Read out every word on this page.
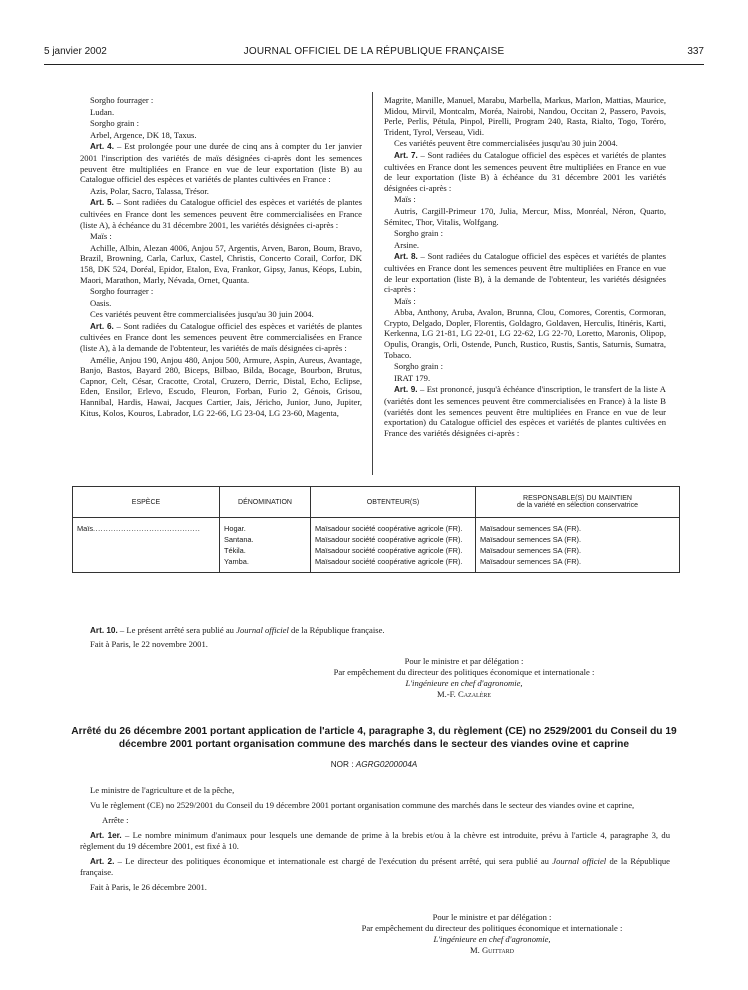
5 janvier 2002	JOURNAL OFFICIEL DE LA RÉPUBLIQUE FRANÇAISE	337

Sorgho fourrager :

Ludan.

Sorgho grain :

Arbel, Argence, DK 18, Taxus.

Art. 4. – Est prolongée pour une durée de cinq ans à compter du 1er janvier 2001 l'inscription des variétés de maïs désignées ci-après dont les semences peuvent être multipliées en France en vue de leur exportation (liste B) au Catalogue officiel des espèces et variétés de plantes cultivées en France :

Azis, Polar, Sacro, Talassa, Trésor.

Art. 5. – Sont radiées du Catalogue officiel des espèces et variétés de plantes cultivées en France dont les semences peuvent être commercialisées en France (liste A), à échéance du 31 décembre 2001, les variétés désignées ci-après :

Maïs :

Achille, Albin, Alezan 4006, Anjou 57, Argentis, Arven, Baron, Boum, Bravo, Brazil, Browning, Carla, Carlux, Castel, Christis, Concerto Corail, Corfor, DK 158, DK 524, Doréal, Epidor, Etalon, Eva, Frankor, Gipsy, Janus, Kéops, Lubin, Maori, Marathon, Marly, Névada, Ornet, Quanta.

Sorgho fourrager :

Oasis.

Ces variétés peuvent être commercialisées jusqu'au 30 juin 2004.

Art. 6. – Sont radiées du Catalogue officiel des espèces et variétés de plantes cultivées en France dont les semences peuvent être commercialisées en France (liste A), à la demande de l'obtenteur, les variétés de maïs désignées ci-après :

Amélie, Anjou 190, Anjou 480, Anjou 500, Armure, Aspin, Aureus, Avantage, Banjo, Bastos, Bayard 280, Biceps, Bilbao, Bilda, Bocage, Bourbon, Brutus, Capnor, Celt, César, Cracotte, Crotal, Cruzero, Derric, Distal, Echo, Eclipse, Eden, Ensilor, Erlevo, Escudo, Fleuron, Forban, Furio 2, Génois, Grisou, Hannibal, Hardis, Hawai, Jacques Cartier, Jais, Jéricho, Junior, Juno, Jupiter, Kitus, Kolos, Kouros, Labrador, LG 22-66, LG 23-04, LG 23-60, Magenta,

Magrite, Manille, Manuel, Marabu, Marbella, Markus, Marlon, Mattias, Maurice, Midou, Mirvil, Montcalm, Moréa, Nairobi, Nandou, Occitan 2, Passero, Pavois, Perle, Perlis, Pétula, Pinpol, Pirelli, Program 240, Rasta, Rialto, Togo, Toréro, Trident, Tyrol, Verseau, Vidi.

Ces variétés peuvent être commercialisées jusqu'au 30 juin 2004.

Art. 7. – Sont radiées du Catalogue officiel des espèces et variétés de plantes cultivées en France dont les semences peuvent être multipliées en France en vue de leur exportation (liste B) à échéance du 31 décembre 2001 les variétés désignées ci-après :

Maïs :

Autris, Cargill-Primeur 170, Julia, Mercur, Miss, Monréal, Néron, Quarto, Sémitec, Thor, Vitalis, Wolfgang.

Sorgho grain :

Arsine.

Art. 8. – Sont radiées du Catalogue officiel des espèces et variétés de plantes cultivées en France dont les semences peuvent être multipliées en France en vue de leur exportation (liste B), à la demande de l'obtenteur, les variétés désignées ci-après :

Maïs :

Abba, Anthony, Aruba, Avalon, Brunna, Clou, Comores, Corentis, Cormoran, Crypto, Delgado, Dopler, Florentis, Goldagro, Goldaven, Herculis, Itinéris, Karti, Kerkenna, LG 21-81, LG 22-01, LG 22-62, LG 22-70, Loretto, Maronis, Olipop, Opulis, Orangis, Orli, Ostende, Punch, Rustico, Rustis, Santis, Saturnis, Sumatra, Tobaco.

Sorgho grain :

IRAT 179.

Art. 9. – Est prononcé, jusqu'à échéance d'inscription, le transfert de la liste A (variétés dont les semences peuvent être commercialisées en France) à la liste B (variétés dont les semences peuvent être multipliées en France en vue de leur exportation) du Catalogue officiel des espèces et variétés de plantes cultivées en France des variétés désignées ci-après :

ESPÈCE	DÉNOMINATION	OBTENTEUR(S)	RESPONSABLE(S) DU MAINTIEN
de la variété en sélection conservatrice

Maïs..........................................	Hogar.	Maïsadour société coopérative agricole (FR).	Maïsadour semences SA (FR).
	Santana.	Maïsadour société coopérative agricole (FR).	Maïsadour semences SA (FR).
	Tékila.	Maïsadour société coopérative agricole (FR).	Maïsadour semences SA (FR).
	Yamba.	Maïsadour société coopérative agricole (FR).	Maïsadour semences SA (FR).

Art. 10. – Le présent arrêté sera publié au Journal officiel de la République française.

Fait à Paris, le 22 novembre 2001.

Pour le ministre et par délégation :
Par empêchement du directeur des politiques économique et internationale :
L'ingénieure en chef d'agronomie,
M.-F. Cazalère
Arrêté du 26 décembre 2001 portant application de l'article 4, paragraphe 3, du règlement (CE) no 2529/2001 du Conseil du 19 décembre 2001 portant organisation commune des marchés dans le secteur des viandes ovine et caprine
NOR : AGRG0200004A

Le ministre de l'agriculture et de la pêche,

Vu le règlement (CE) no 2529/2001 du Conseil du 19 décembre 2001 portant organisation commune des marchés dans le secteur des viandes ovine et caprine,

Arrête :

Art. 1er. – Le nombre minimum d'animaux pour lesquels une demande de prime à la brebis et/ou à la chèvre est introduite, prévu à l'article 4, paragraphe 3, du règlement du 19 décembre 2001, est fixé à 10.

Art. 2. – Le directeur des politiques économique et internationale est chargé de l'exécution du présent arrêté, qui sera publié au Journal officiel de la République française.

Fait à Paris, le 26 décembre 2001.

Pour le ministre et par délégation :
Par empêchement du directeur des politiques économique et internationale :
L'ingénieure en chef d'agronomie,
M. Guittard
